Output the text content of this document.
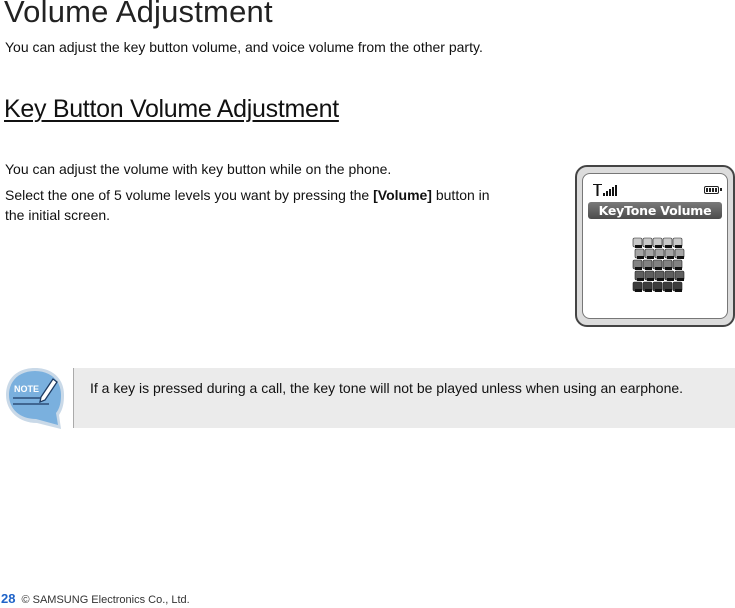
Volume Adjustment
You can adjust the key button volume, and voice volume from the other party.
Key Button Volume Adjustment
You can adjust the volume with key button while on the phone.
Select the one of 5 volume levels you want by pressing the [Volume] button in the initial screen.	KeyTone Volume
NOTE	If a key is pressed during a call, the key tone will not be played unless when using an earphone.
28 © SAMSUNG Electronics Co., Ltd.
